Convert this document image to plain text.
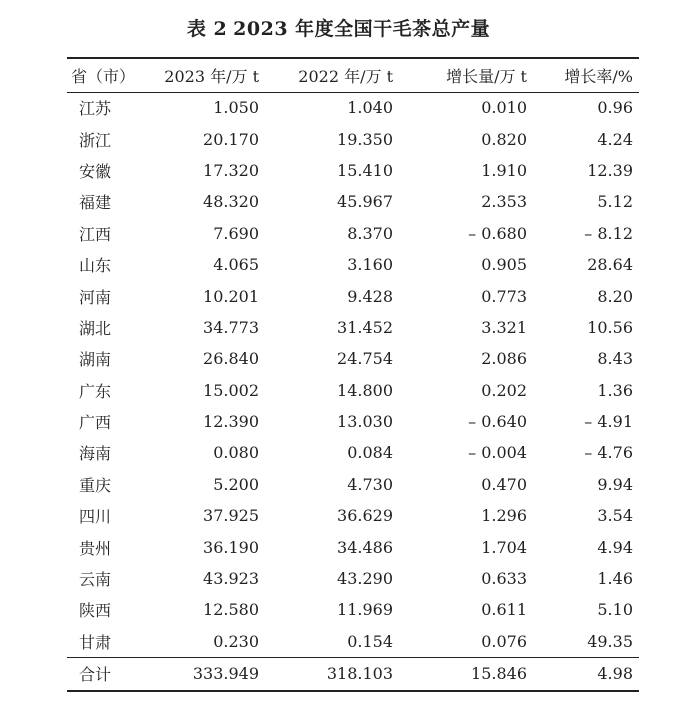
表 2 2023 年度全国干毛茶总产量
省（市）	2023 年/万 t	2022 年/万 t	增长量/万 t	增长率/%
江苏	1.050	1.040	0.010	0.96
浙江	20.170	19.350	0.820	4.24
安徽	17.320	15.410	1.910	12.39
福建	48.320	45.967	2.353	5.12
江西	7.690	8.370	– 0.680	– 8.12
山东	4.065	3.160	0.905	28.64
河南	10.201	9.428	0.773	8.20
湖北	34.773	31.452	3.321	10.56
湖南	26.840	24.754	2.086	8.43
广东	15.002	14.800	0.202	1.36
广西	12.390	13.030	– 0.640	– 4.91
海南	0.080	0.084	– 0.004	– 4.76
重庆	5.200	4.730	0.470	9.94
四川	37.925	36.629	1.296	3.54
贵州	36.190	34.486	1.704	4.94
云南	43.923	43.290	0.633	1.46
陕西	12.580	11.969	0.611	5.10
甘肃	0.230	0.154	0.076	49.35
合计	333.949	318.103	15.846	4.98
